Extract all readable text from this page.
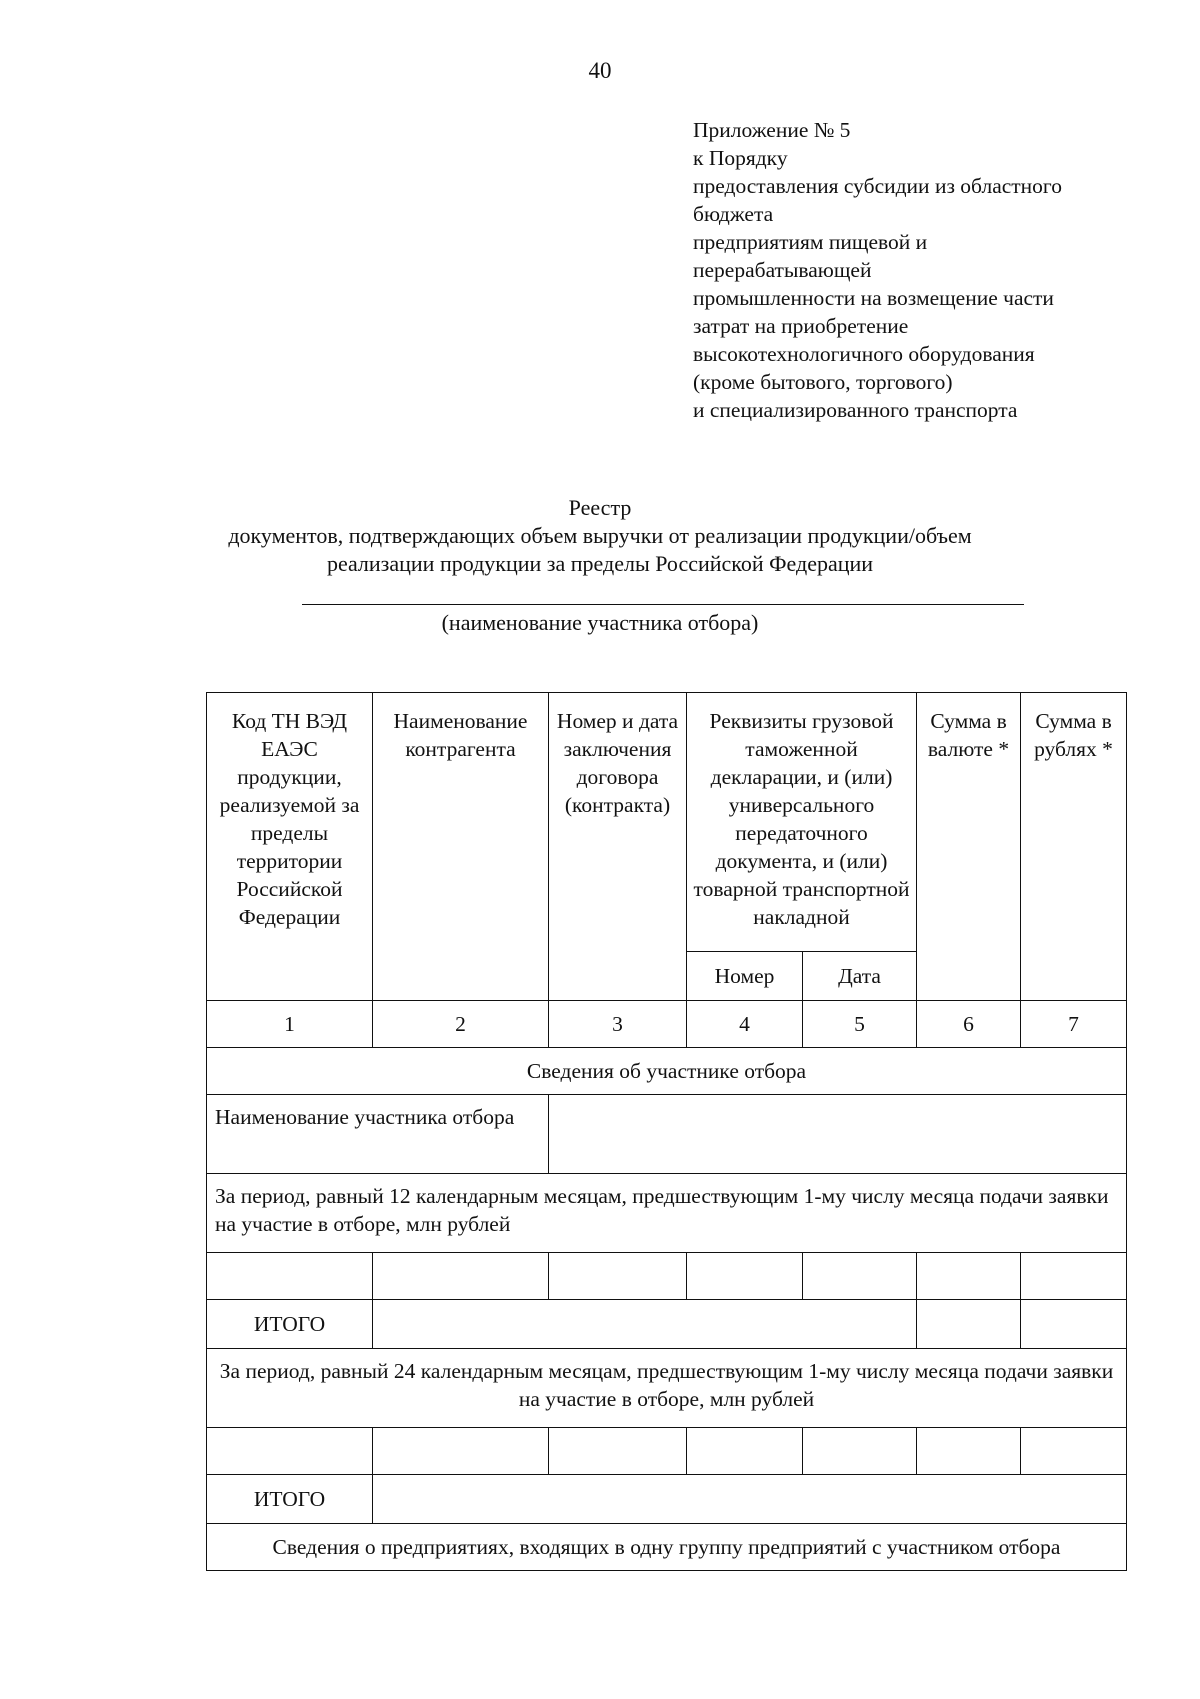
40
Приложение № 5
к Порядку
предоставления субсидии из областного
бюджета
предприятиям пищевой и
перерабатывающей
промышленности на возмещение части
затрат на приобретение
высокотехнологичного оборудования
(кроме бытового, торгового)
и специализированного транспорта
Реестр
документов, подтверждающих объем выручки от реализации продукции/объем
реализации продукции за пределы Российской Федерации
(наименование участника отбора)
Код ТН ВЭД ЕАЭС продукции, реализуемой за пределы территории Российской Федерации	Наименование контрагента	Номер и дата заключения договора (контракта)	Реквизиты грузовой таможенной декларации, и (или) универсального передаточного документа, и (или) товарной транспортной накладной		Сумма в валюте *	Сумма в рублях *
			Номер	Дата		
1	2	3	4	5	6	7
Сведения об участнике отбора						
Наименование участника отбора						
За период, равный 12 календарным месяцам, предшествующим 1-му числу месяца подачи заявки на участие в отборе, млн рублей						

ИТОГО						
За период, равный 24 календарным месяцам, предшествующим 1-му числу месяца подачи заявки на участие в отборе, млн рублей						

ИТОГО						
Сведения о предприятиях, входящих в одну группу предприятий с участником отбора						
